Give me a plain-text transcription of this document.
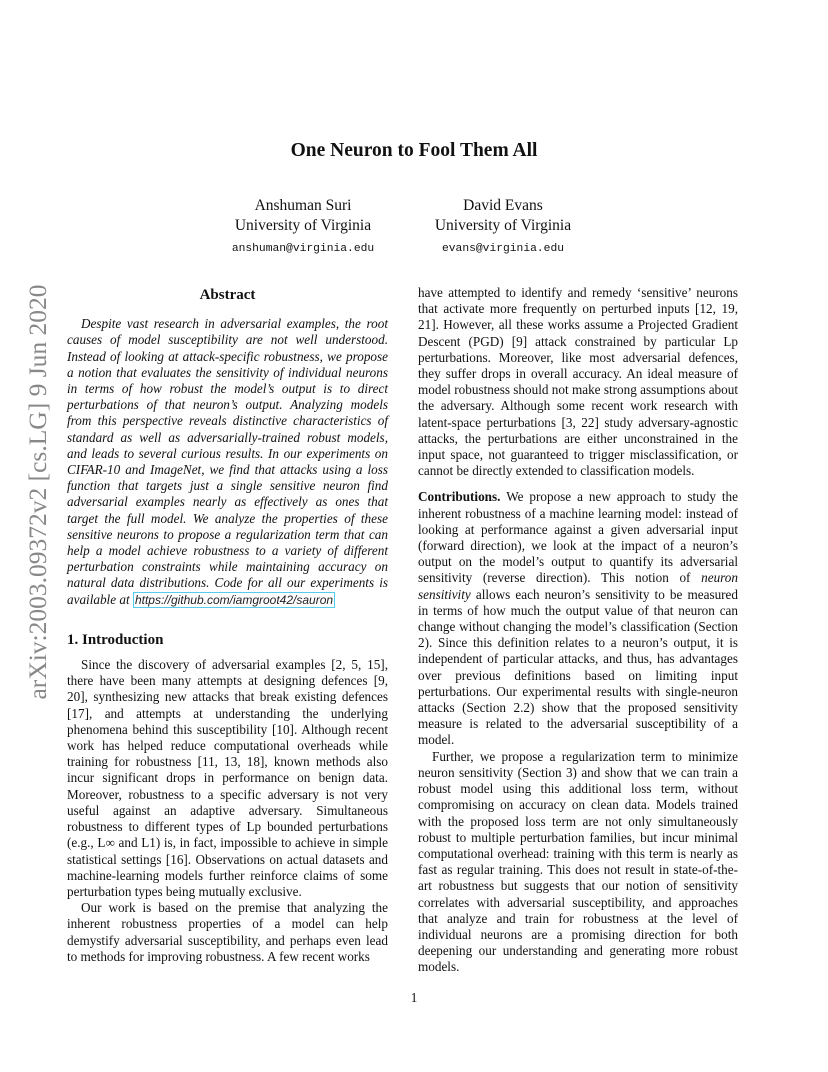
arXiv:2003.09372v2 [cs.LG] 9 Jun 2020
One Neuron to Fool Them All
Anshuman Suri
University of Virginia
anshuman@virginia.edu
David Evans
University of Virginia
evans@virginia.edu
Abstract

Despite vast research in adversarial examples, the root causes of model susceptibility are not well understood. Instead of looking at attack-specific robustness, we propose a notion that evaluates the sensitivity of individual neurons in terms of how robust the model’s output is to direct perturbations of that neuron’s output. Analyzing models from this perspective reveals distinctive characteristics of standard as well as adversarially-trained robust models, and leads to several curious results. In our experiments on CIFAR-10 and ImageNet, we find that attacks using a loss function that targets just a single sensitive neuron find adversarial examples nearly as effectively as ones that target the full model. We analyze the properties of these sensitive neurons to propose a regularization term that can help a model achieve robustness to a variety of different perturbation constraints while maintaining accuracy on natural data distributions. Code for all our experiments is available at https://github.com/iamgroot42/sauron

1. Introduction

Since the discovery of adversarial examples [2, 5, 15], there have been many attempts at designing defences [9, 20], synthesizing new attacks that break existing defences [17], and attempts at understanding the underlying phenomena behind this susceptibility [10]. Although recent work has helped reduce computational overheads while training for robustness [11, 13, 18], known methods also incur significant drops in performance on benign data. Moreover, robustness to a specific adversary is not very useful against an adaptive adversary. Simultaneous robustness to different types of Lp bounded perturbations (e.g., L∞ and L1) is, in fact, impossible to achieve in simple statistical settings [16]. Observations on actual datasets and machine-learning models further reinforce claims of some perturbation types being mutually exclusive.

Our work is based on the premise that analyzing the inherent robustness properties of a model can help demystify adversarial susceptibility, and perhaps even lead to methods for improving robustness. A few recent works

have attempted to identify and remedy ‘sensitive’ neurons that activate more frequently on perturbed inputs [12, 19, 21]. However, all these works assume a Projected Gradient Descent (PGD) [9] attack constrained by particular Lp perturbations. Moreover, like most adversarial defences, they suffer drops in overall accuracy. An ideal measure of model robustness should not make strong assumptions about the adversary. Although some recent work research with latent-space perturbations [3, 22] study adversary-agnostic attacks, the perturbations are either unconstrained in the input space, not guaranteed to trigger misclassification, or cannot be directly extended to classification models.

Contributions. We propose a new approach to study the inherent robustness of a machine learning model: instead of looking at performance against a given adversarial input (forward direction), we look at the impact of a neuron’s output on the model’s output to quantify its adversarial sensitivity (reverse direction). This notion of neuron sensitivity allows each neuron’s sensitivity to be measured in terms of how much the output value of that neuron can change without changing the model’s classification (Section 2). Since this definition relates to a neuron’s output, it is independent of particular attacks, and thus, has advantages over previous definitions based on limiting input perturbations. Our experimental results with single-neuron attacks (Section 2.2) show that the proposed sensitivity measure is related to the adversarial susceptibility of a model.

Further, we propose a regularization term to minimize neuron sensitivity (Section 3) and show that we can train a robust model using this additional loss term, without compromising on accuracy on clean data. Models trained with the proposed loss term are not only simultaneously robust to multiple perturbation families, but incur minimal computational overhead: training with this term is nearly as fast as regular training. This does not result in state-of-the-art robustness but suggests that our notion of sensitivity correlates with adversarial susceptibility, and approaches that analyze and train for robustness at the level of individual neurons are a promising direction for both deepening our understanding and generating more robust models.

1
